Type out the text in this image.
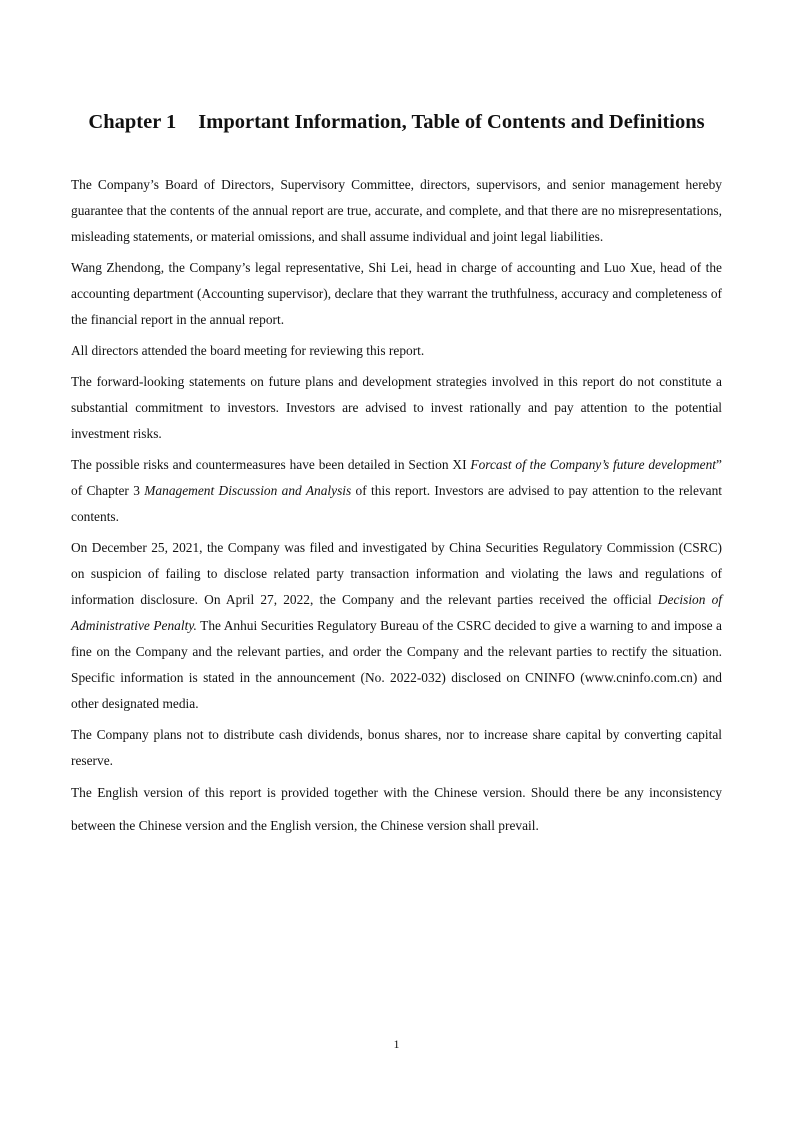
Chapter 1 Important Information, Table of Contents and Definitions

The Company’s Board of Directors, Supervisory Committee, directors, supervisors, and senior management hereby guarantee that the contents of the annual report are true, accurate, and complete, and that there are no misrepresentations, misleading statements, or material omissions, and shall assume individual and joint legal liabilities.

Wang Zhendong, the Company’s legal representative, Shi Lei, head in charge of accounting and Luo Xue, head of the accounting department (Accounting supervisor), declare that they warrant the truthfulness, accuracy and completeness of the financial report in the annual report.

All directors attended the board meeting for reviewing this report.

The forward-looking statements on future plans and development strategies involved in this report do not constitute a substantial commitment to investors. Investors are advised to invest rationally and pay attention to the potential investment risks.

The possible risks and countermeasures have been detailed in Section XI Forcast of the Company’s future development” of Chapter 3 Management Discussion and Analysis of this report. Investors are advised to pay attention to the relevant contents.

On December 25, 2021, the Company was filed and investigated by China Securities Regulatory Commission (CSRC) on suspicion of failing to disclose related party transaction information and violating the laws and regulations of information disclosure. On April 27, 2022, the Company and the relevant parties received the official Decision of Administrative Penalty. The Anhui Securities Regulatory Bureau of the CSRC decided to give a warning to and impose a fine on the Company and the relevant parties, and order the Company and the relevant parties to rectify the situation. Specific information is stated in the announcement (No. 2022-032) disclosed on CNINFO (www.cninfo.com.cn) and other designated media.

The Company plans not to distribute cash dividends, bonus shares, nor to increase share capital by converting capital reserve.

The English version of this report is provided together with the Chinese version. Should there be any inconsistency between the Chinese version and the English version, the Chinese version shall prevail.

1
